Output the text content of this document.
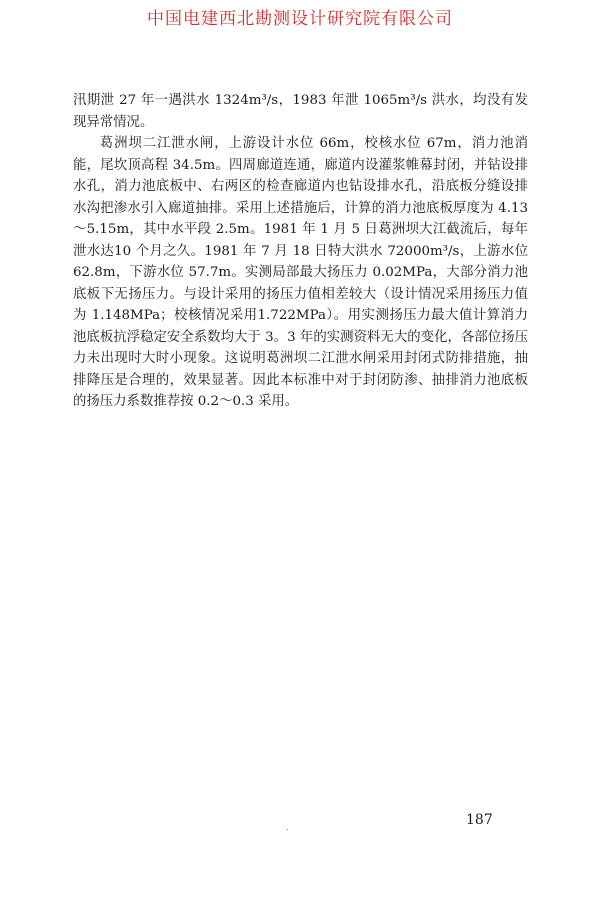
中国电建西北勘测设计研究院有限公司

汛期泄 27 年一遇洪水 1324m³/s，1983 年泄 1065m³/s 洪水，均没有发现异常情况。

葛洲坝二江泄水闸，上游设计水位 66m，校核水位 67m，消力池消能，尾坎顶高程 34.5m。四周廊道连通，廊道内设灌浆帷幕封闭，并钻设排水孔，消力池底板中、右两区的检查廊道内也钻设排水孔，沿底板分缝设排水沟把渗水引入廊道抽排。采用上述措施后，计算的消力池底板厚度为 4.13～5.15m，其中水平段 2.5m。1981 年 1 月 5 日葛洲坝大江截流后，每年泄水达10 个月之久。1981 年 7 月 18 日特大洪水 72000m³/s，上游水位62.8m，下游水位 57.7m。实测局部最大扬压力 0.02MPa，大部分消力池底板下无扬压力。与设计采用的扬压力值相差较大（设计情况采用扬压力值为 1.148MPa；校核情况采用1.722MPa）。用实测扬压力最大值计算消力池底板抗浮稳定安全系数均大于 3。3 年的实测资料无大的变化，各部位扬压力未出现时大时小现象。这说明葛洲坝二江泄水闸采用封闭式防排措施，抽排降压是合理的，效果显著。因此本标准中对于封闭防渗、抽排消力池底板的扬压力系数推荐按 0.2～0.3 采用。

187
